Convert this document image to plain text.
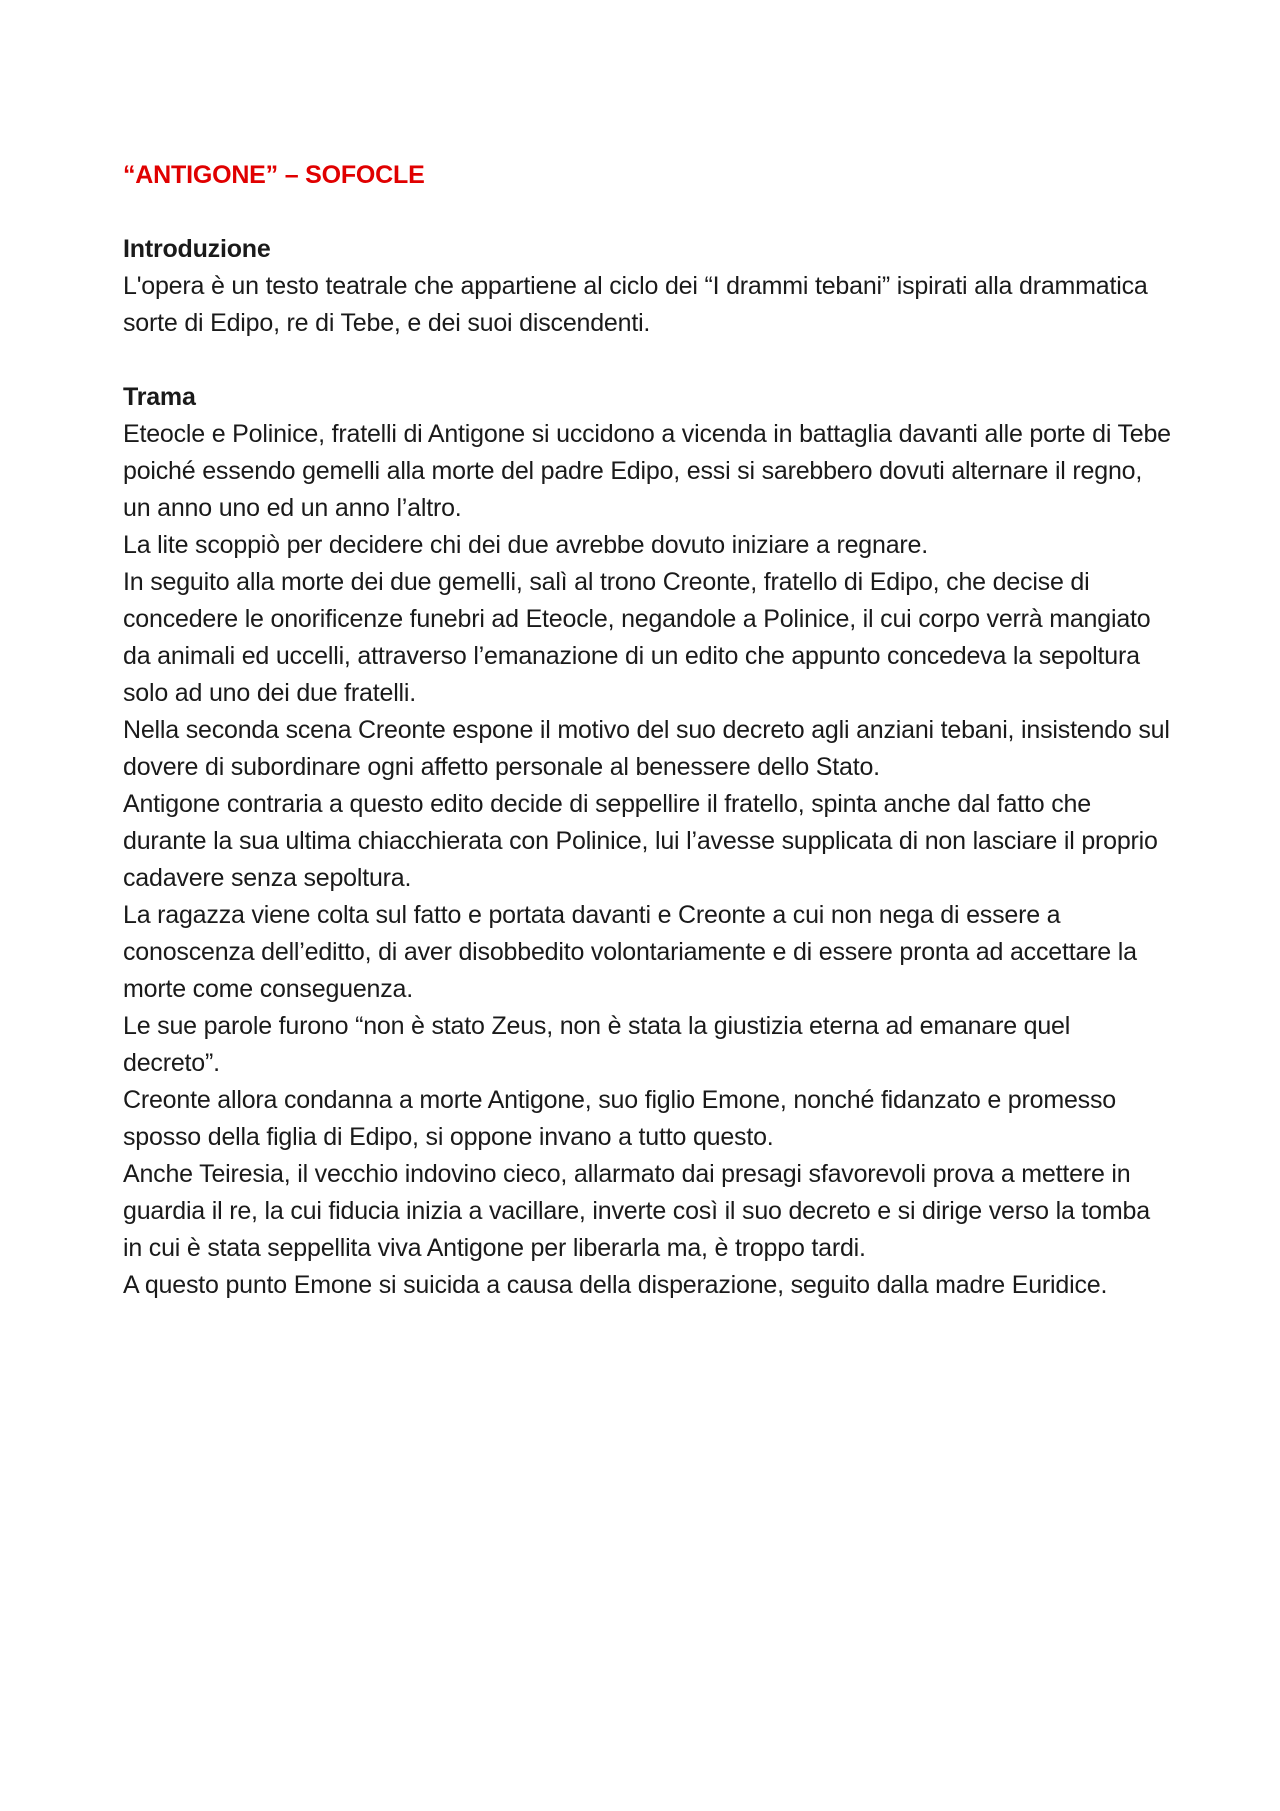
“ANTIGONE” – SOFOCLE
Introduzione

L'opera è un testo teatrale che appartiene al ciclo dei “I drammi tebani” ispirati alla drammatica sorte di Edipo, re di Tebe, e dei suoi discendenti.

Trama

Eteocle e Polinice, fratelli di Antigone si uccidono a vicenda in battaglia davanti alle porte di Tebe poiché essendo gemelli alla morte del padre Edipo, essi si sarebbero dovuti alternare il regno, un anno uno ed un anno l’altro.

La lite scoppiò per decidere chi dei due avrebbe dovuto iniziare a regnare.

In seguito alla morte dei due gemelli, salì al trono Creonte, fratello di Edipo, che decise di concedere le onorificenze funebri ad Eteocle, negandole a Polinice, il cui corpo verrà mangiato da animali ed uccelli, attraverso l’emanazione di un edito che appunto concedeva la sepoltura solo ad uno dei due fratelli.

Nella seconda scena Creonte espone il motivo del suo decreto agli anziani tebani, insistendo sul dovere di subordinare ogni affetto personale al benessere dello Stato.

Antigone contraria a questo edito decide di seppellire il fratello, spinta anche dal fatto che durante la sua ultima chiacchierata con Polinice, lui l’avesse supplicata di non lasciare il proprio cadavere senza sepoltura.

La ragazza viene colta sul fatto e portata davanti e Creonte a cui non nega di essere a conoscenza dell’editto, di aver disobbedito volontariamente e di essere pronta ad accettare la morte come conseguenza.

Le sue parole furono “non è stato Zeus, non è stata la giustizia eterna ad emanare quel decreto”.

Creonte allora condanna a morte Antigone, suo figlio Emone, nonché fidanzato e promesso sposso della figlia di Edipo, si oppone invano a tutto questo.

Anche Teiresia, il vecchio indovino cieco, allarmato dai presagi sfavorevoli prova a mettere in guardia il re, la cui fiducia inizia a vacillare, inverte così il suo decreto e si dirige verso la tomba in cui è stata seppellita viva Antigone per liberarla ma, è troppo tardi.

A questo punto Emone si suicida a causa della disperazione, seguito dalla madre Euridice.
